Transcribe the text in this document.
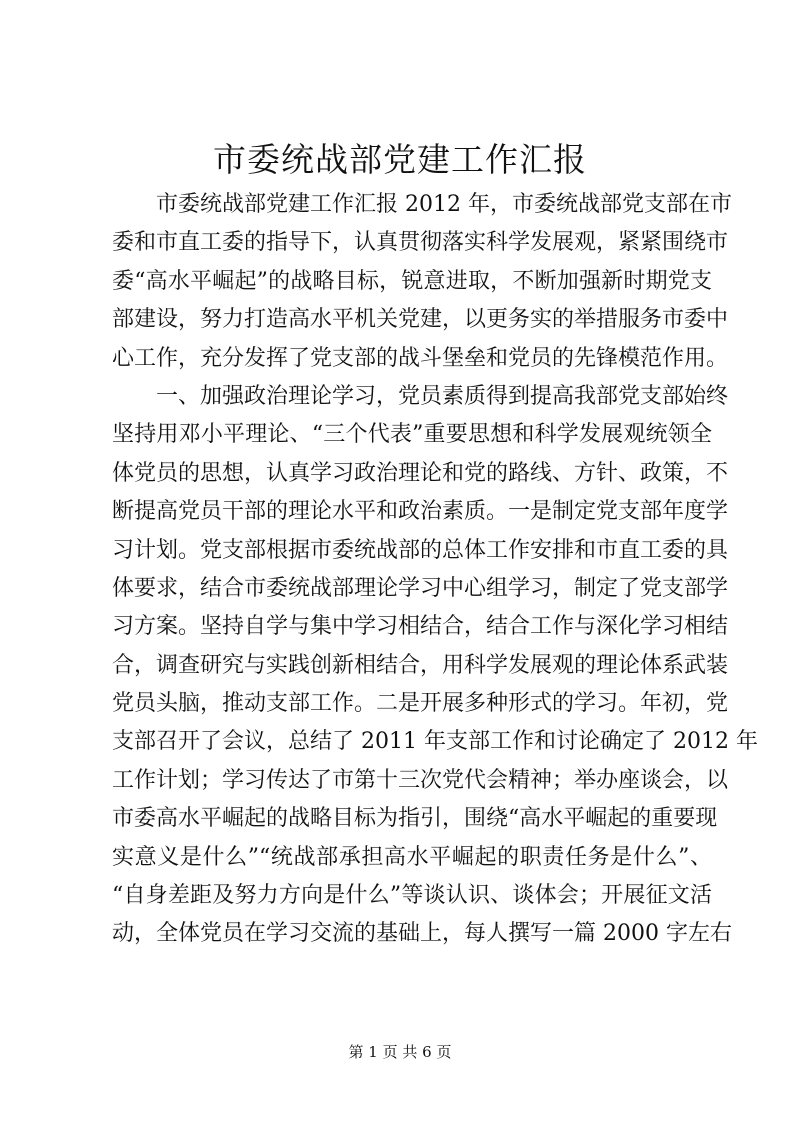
市委统战部党建工作汇报
市委统战部党建工作汇报 2012 年，市委统战部党支部在市
委和市直工委的指导下，认真贯彻落实科学发展观，紧紧围绕市
委“高水平崛起”的战略目标，锐意进取，不断加强新时期党支
部建设，努力打造高水平机关党建，以更务实的举措服务市委中
心工作，充分发挥了党支部的战斗堡垒和党员的先锋模范作用。
一、加强政治理论学习，党员素质得到提高我部党支部始终
坚持用邓小平理论、“三个代表”重要思想和科学发展观统领全
体党员的思想，认真学习政治理论和党的路线、方针、政策，不
断提高党员干部的理论水平和政治素质。一是制定党支部年度学
习计划。党支部根据市委统战部的总体工作安排和市直工委的具
体要求，结合市委统战部理论学习中心组学习，制定了党支部学
习方案。坚持自学与集中学习相结合，结合工作与深化学习相结
合，调查研究与实践创新相结合，用科学发展观的理论体系武装
党员头脑，推动支部工作。二是开展多种形式的学习。年初，党
支部召开了会议，总结了 2011 年支部工作和讨论确定了 2012 年
工作计划；学习传达了市第十三次党代会精神；举办座谈会，以
市委高水平崛起的战略目标为指引，围绕“高水平崛起的重要现
实意义是什么”“统战部承担高水平崛起的职责任务是什么”、
“自身差距及努力方向是什么”等谈认识、谈体会；开展征文活
动，全体党员在学习交流的基础上，每人撰写一篇 2000 字左右
第 1 页 共 6 页
